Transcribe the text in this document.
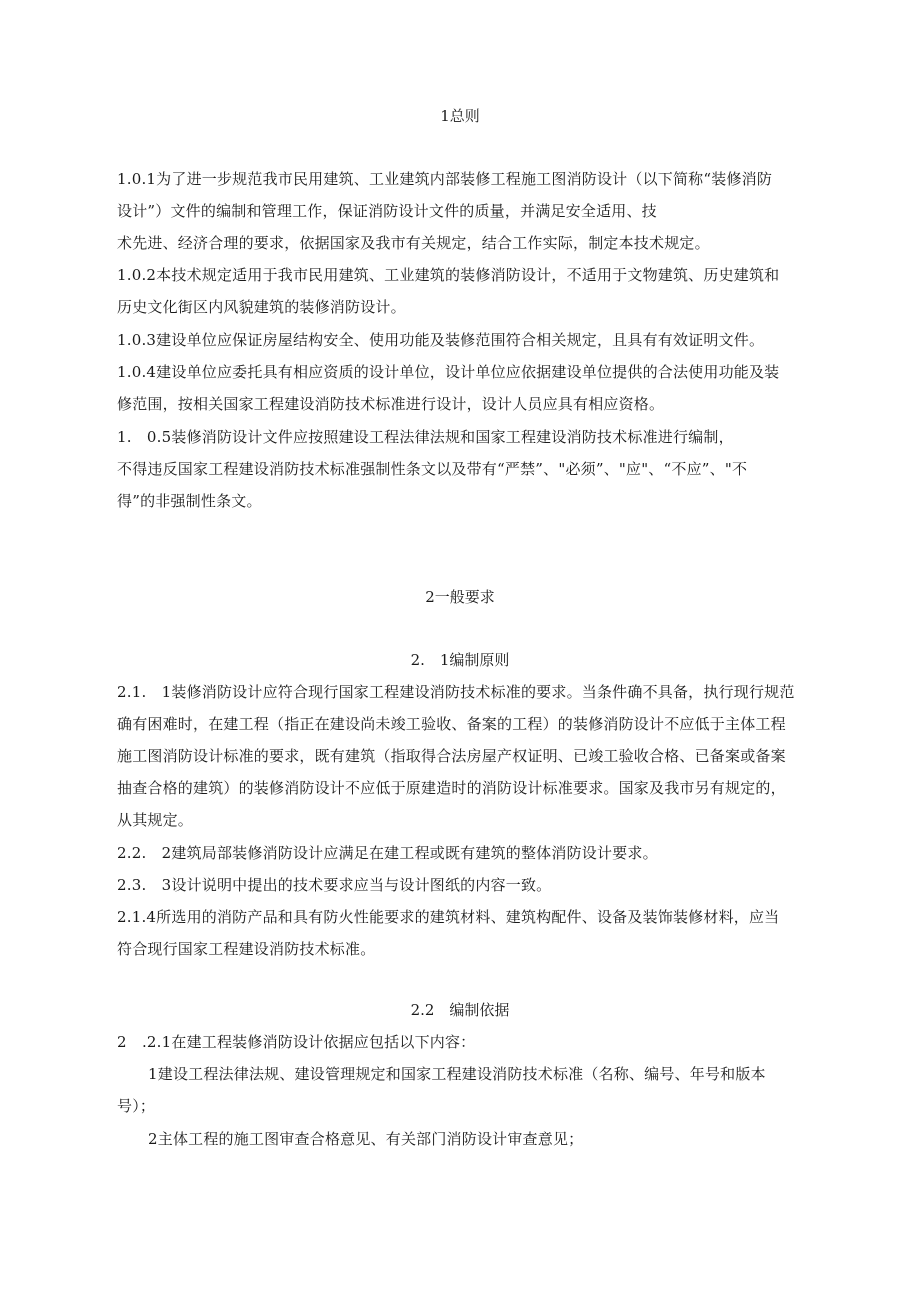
1总则
1.0.1为了进一步规范我市民用建筑、工业建筑内部装修工程施工图消防设计（以下简称“装修消防
设计”）文件的编制和管理工作，保证消防设计文件的质量，并满足安全适用、技
术先进、经济合理的要求，依据国家及我市有关规定，结合工作实际，制定本技术规定。
1.0.2本技术规定适用于我市民用建筑、工业建筑的装修消防设计，不适用于文物建筑、历史建筑和
历史文化街区内风貌建筑的装修消防设计。
1.0.3建设单位应保证房屋结构安全、使用功能及装修范围符合相关规定，且具有有效证明文件。
1.0.4建设单位应委托具有相应资质的设计单位，设计单位应依据建设单位提供的合法使用功能及装
修范围，按相关国家工程建设消防技术标准进行设计，设计人员应具有相应资格。
1.　0.5装修消防设计文件应按照建设工程法律法规和国家工程建设消防技术标准进行编制，
不得违反国家工程建设消防技术标准强制性条文以及带有“严禁”、"必须”、"应"、“不应”、"不
得”的非强制性条文。
2一般要求
2.　1编制原则
2.1.　1装修消防设计应符合现行国家工程建设消防技术标准的要求。当条件确不具备，执行现行规范
确有困难时，在建工程（指正在建设尚未竣工验收、备案的工程）的装修消防设计不应低于主体工程
施工图消防设计标准的要求，既有建筑（指取得合法房屋产权证明、已竣工验收合格、已备案或备案
抽查合格的建筑）的装修消防设计不应低于原建造时的消防设计标准要求。国家及我市另有规定的，
从其规定。
2.2.　2建筑局部装修消防设计应满足在建工程或既有建筑的整体消防设计要求。
2.3.　3设计说明中提出的技术要求应当与设计图纸的内容一致。
2.1.4所选用的消防产品和具有防火性能要求的建筑材料、建筑构配件、设备及装饰装修材料，应当
符合现行国家工程建设消防技术标准。
2.2　编制依据
2　.2.1在建工程装修消防设计依据应包括以下内容：
1建设工程法律法规、建设管理规定和国家工程建设消防技术标准（名称、编号、年号和版本
号）；
2主体工程的施工图审查合格意见、有关部门消防设计审查意见；
